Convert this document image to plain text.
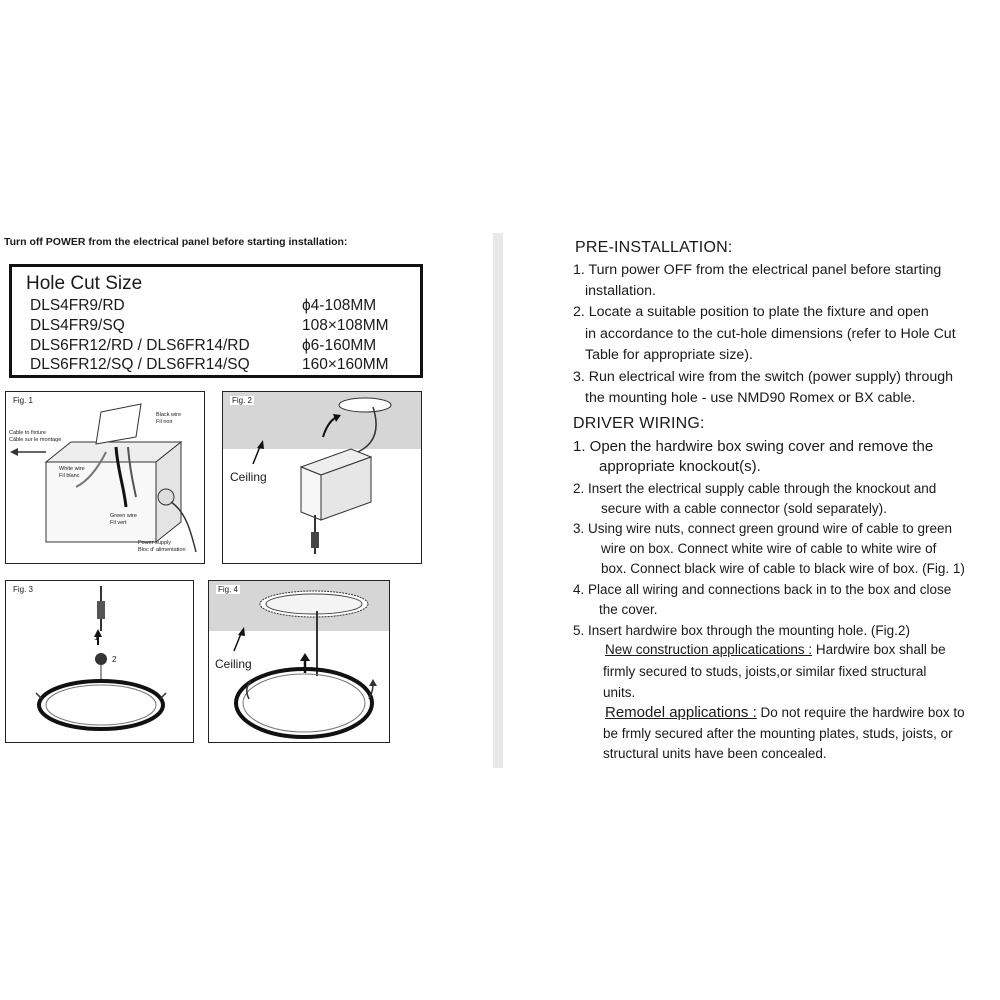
Turn off POWER from the electrical panel before starting installation:
Hole Cut Size
DLS4FR9/RD	ϕ4-108MM
DLS4FR9/SQ	108×108MM
DLS6FR12/RD / DLS6FR14/RD	ϕ6-160MM
DLS6FR12/SQ / DLS6FR14/SQ	160×160MM
Fig. 1
Black wire
Fil noir
Cable to fixture
Câble sur le montage
White wire
Fil blanc
Green wire
Fil vert
Power supply
Bloc d' alimentation
Fig. 2
Ceiling
Fig. 3
1
2
Fig. 4
Ceiling
PRE-INSTALLATION:
1. Turn power OFF from the electrical panel before starting
installation.
2. Locate a suitable position to plate the fixture and open
in accordance to the cut-hole dimensions (refer to Hole Cut
Table for appropriate size).
3. Run electrical wire from the switch (power supply) through
the mounting hole - use NMD90 Romex or BX cable.
DRIVER WIRING:
1. Open the hardwire box swing cover and remove the
appropriate knockout(s).
2. Insert the electrical supply cable through the knockout and
secure with a cable connector (sold separately).
3. Using wire nuts, connect green ground wire of cable to green
wire on box. Connect white wire of cable to white wire of
box. Connect black wire of cable to black wire of box. (Fig. 1)
4. Place all wiring and connections back in to the box and close
the cover.
5. Insert hardwire box through the mounting hole. (Fig.2)
New construction applicatications : Hardwire box shall be
firmly secured to studs, joists,or similar fixed structural
units.
Remodel applications : Do not require the hardwire box to
be frmly secured after the mounting plates, studs, joists, or
structural units have been concealed.
